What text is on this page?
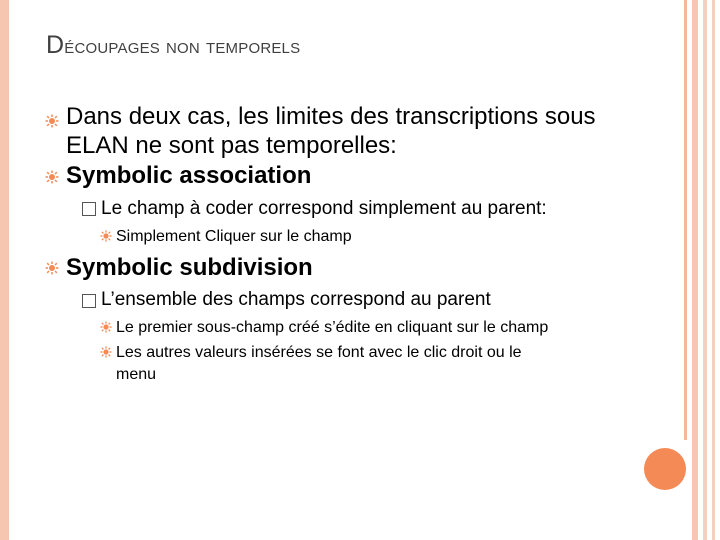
Découpages non temporels
Dans deux cas, les limites des transcriptions sous
ELAN ne sont pas temporelles:
Symbolic association
Le champ à coder correspond simplement au parent:
Simplement Cliquer sur le champ
Symbolic subdivision
L’ensemble des champs correspond au parent
Le premier sous-champ créé s’édite en cliquant sur le champ
Les autres valeurs insérées se font avec le clic droit ou le
menu
